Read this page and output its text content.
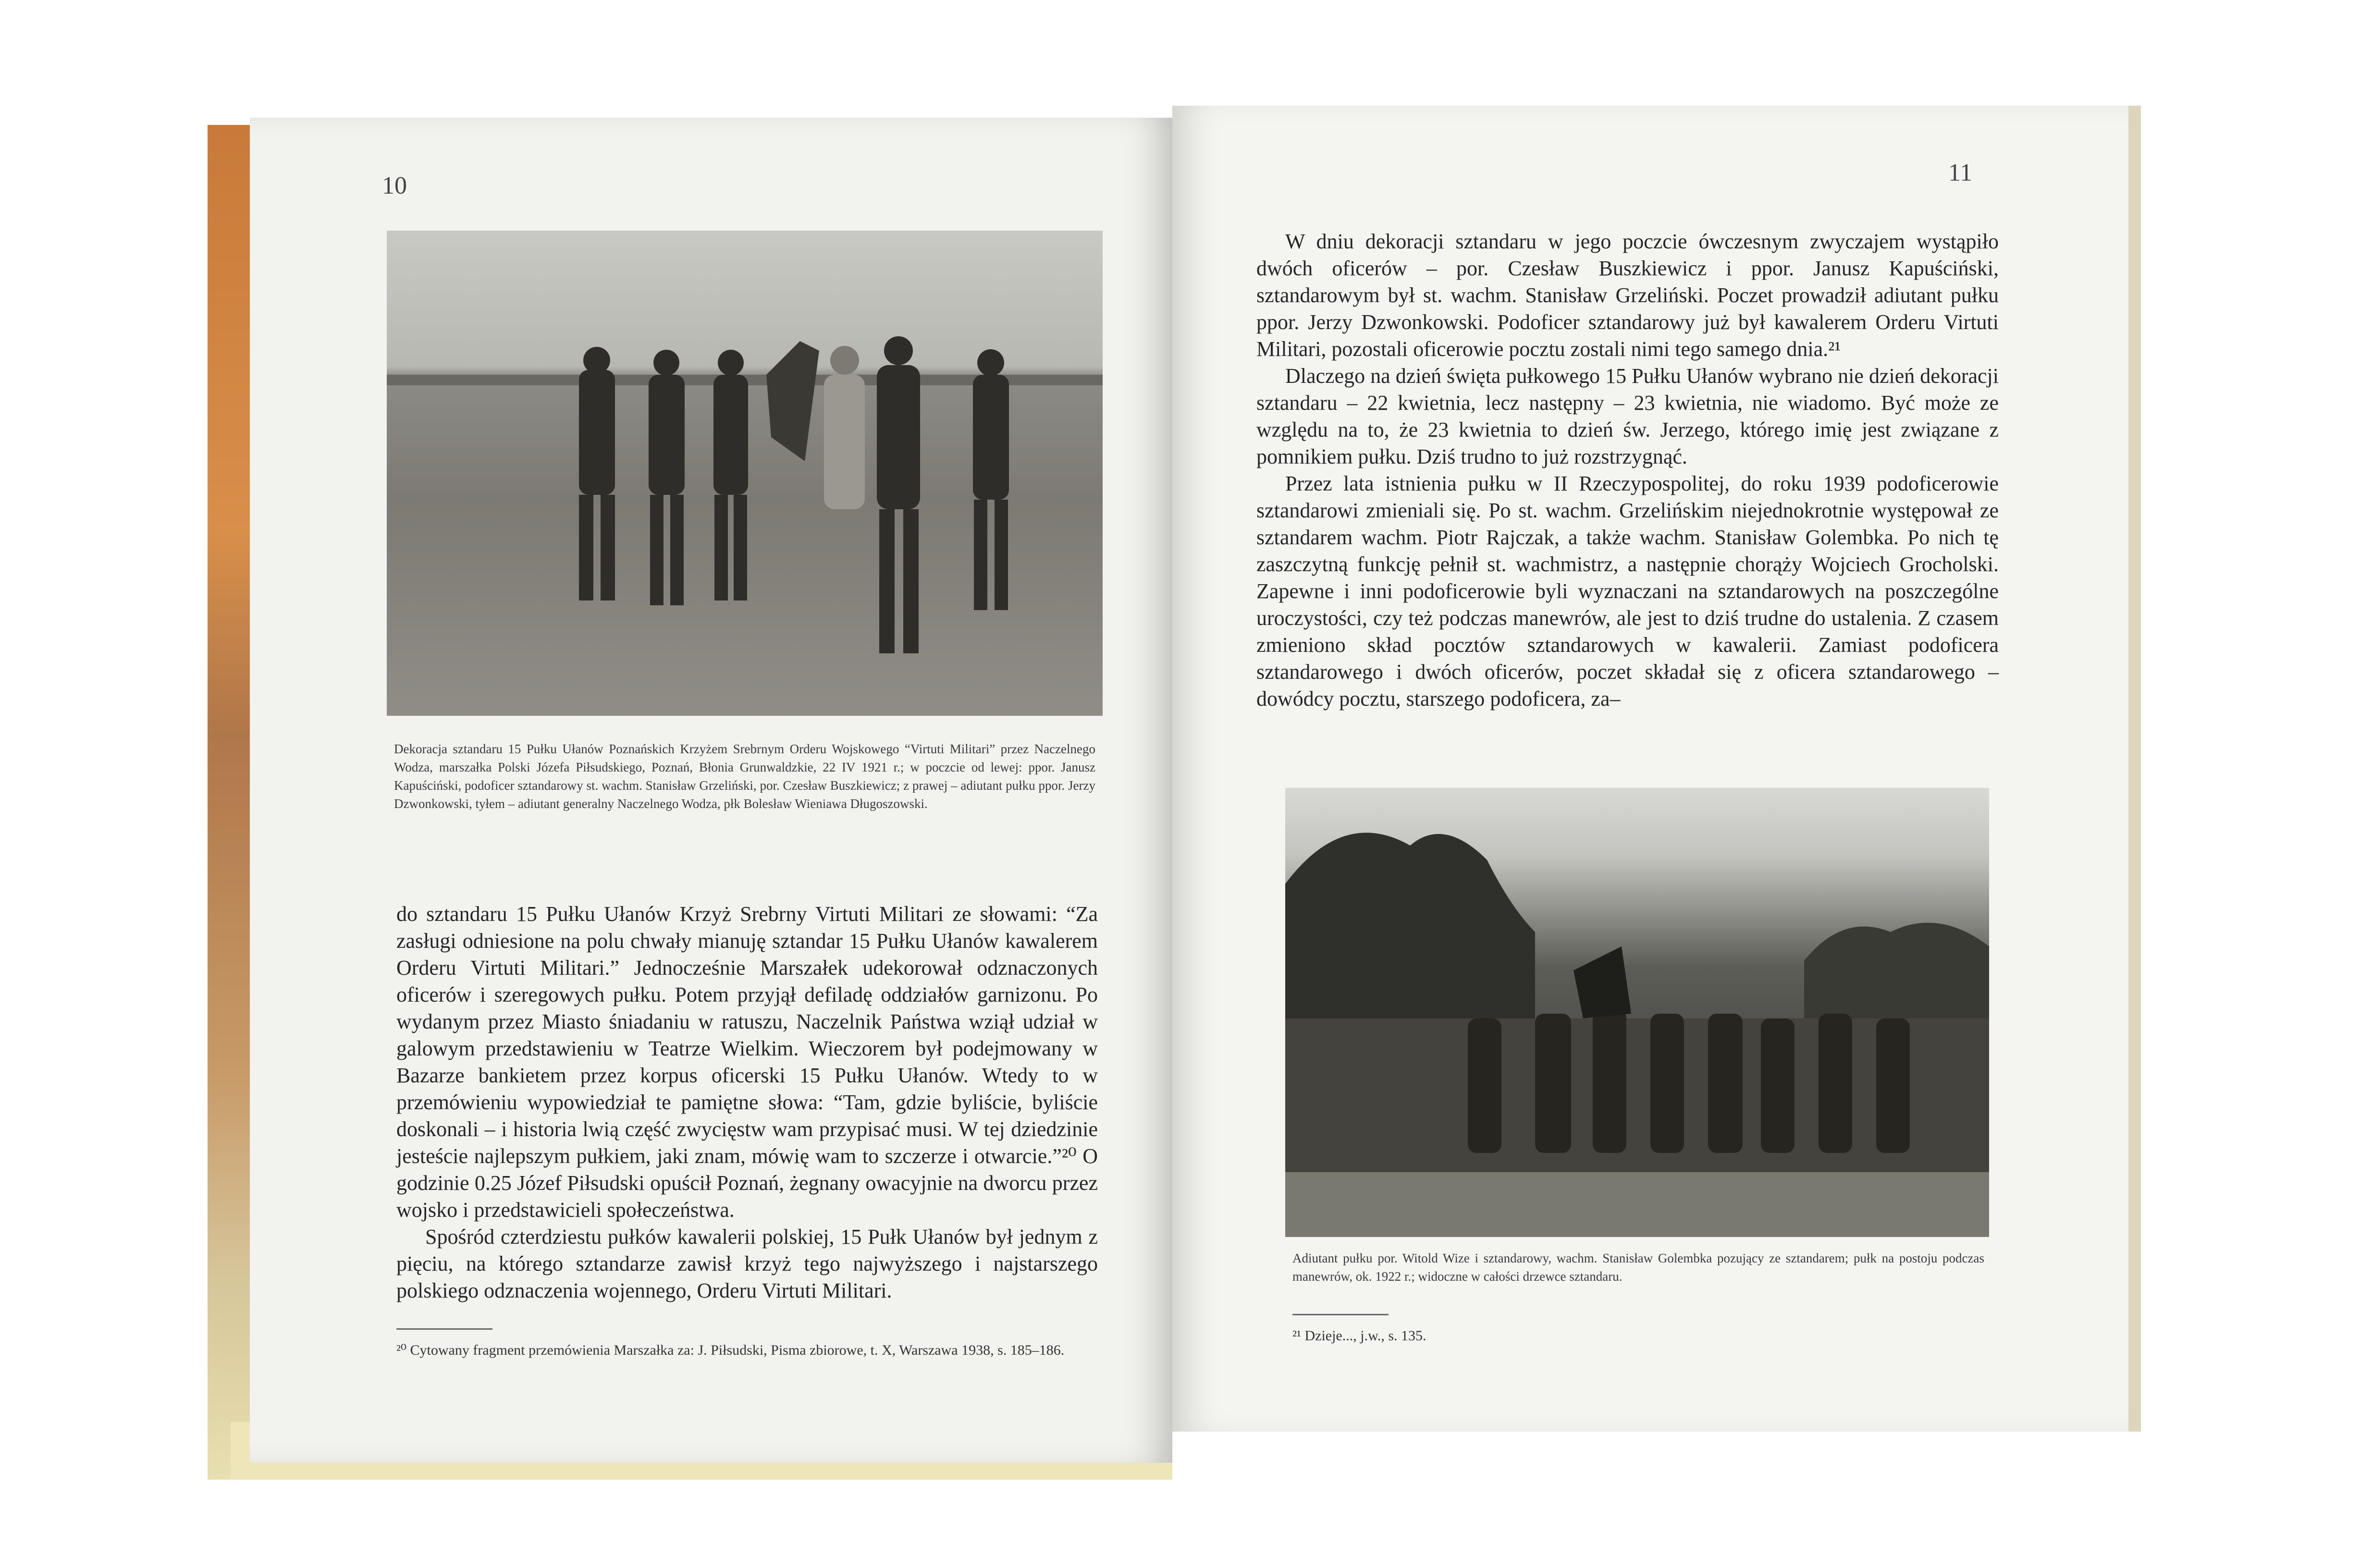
10
Dekoracja sztandaru 15 Pułku Ułanów Poznańskich Krzyżem Srebrnym Orderu Wojskowego “Virtuti Militari” przez Naczelnego Wodza, marszałka Polski Józefa Piłsudskiego, Poznań, Błonia Grunwaldzkie, 22 IV 1921 r.; w poczcie od lewej: ppor. Janusz Kapuściński, podoficer sztandarowy st. wachm. Stanisław Grzeliński, por. Czesław Buszkiewicz; z prawej – adiutant pułku ppor. Jerzy Dzwonkowski, tyłem – adiutant generalny Naczelnego Wodza, płk Bolesław Wieniawa Długoszowski.

do sztandaru 15 Pułku Ułanów Krzyż Srebrny Virtuti Militari ze słowami: “Za zasługi odniesione na polu chwały mianuję sztandar 15 Pułku Ułanów kawalerem Orderu Virtuti Militari.” Jednocześnie Marszałek udekorował odznaczonych oficerów i szeregowych pułku. Potem przyjął defiladę oddziałów garnizonu. Po wydanym przez Miasto śniadaniu w ratuszu, Naczelnik Państwa wziął udział w galowym przedstawieniu w Teatrze Wielkim. Wieczorem był podejmowany w Bazarze bankietem przez korpus oficerski 15 Pułku Ułanów. Wtedy to w przemówieniu wypowiedział te pamiętne słowa: “Tam, gdzie byliście, byliście doskonali – i historia lwią część zwycięstw wam przypisać musi. W tej dziedzinie jesteście najlepszym pułkiem, jaki znam, mówię wam to szczerze i otwarcie.”²⁰ O godzinie 0.25 Józef Piłsudski opuścił Poznań, żegnany owacyjnie na dworcu przez wojsko i przedstawicieli społeczeństwa.

Spośród czterdziestu pułków kawalerii polskiej, 15 Pułk Ułanów był jednym z pięciu, na którego sztandarze zawisł krzyż tego najwyższego i najstarszego polskiego odznaczenia wojennego, Orderu Virtuti Militari.

²⁰ Cytowany fragment przemówienia Marszałka za: J. Piłsudski, Pisma zbiorowe, t. X, Warszawa 1938, s. 185–186.
11

W dniu dekoracji sztandaru w jego poczcie ówczesnym zwyczajem wystąpiło dwóch oficerów – por. Czesław Buszkiewicz i ppor. Janusz Kapuściński, sztandarowym był st. wachm. Stanisław Grzeliński. Poczet prowadził adiutant pułku ppor. Jerzy Dzwonkowski. Podoficer sztandarowy już był kawalerem Orderu Virtuti Militari, pozostali oficerowie pocztu zostali nimi tego samego dnia.²¹

Dlaczego na dzień święta pułkowego 15 Pułku Ułanów wybrano nie dzień dekoracji sztandaru – 22 kwietnia, lecz następny – 23 kwietnia, nie wiadomo. Być może ze względu na to, że 23 kwietnia to dzień św. Jerzego, którego imię jest związane z pomnikiem pułku. Dziś trudno to już rozstrzygnąć.

Przez lata istnienia pułku w II Rzeczypospolitej, do roku 1939 podoficerowie sztandarowi zmieniali się. Po st. wachm. Grzelińskim niejednokrotnie występował ze sztandarem wachm. Piotr Rajczak, a także wachm. Stanisław Golembka. Po nich tę zaszczytną funkcję pełnił st. wachmistrz, a następnie chorąży Wojciech Grocholski. Zapewne i inni podoficerowie byli wyznaczani na sztandarowych na poszczególne uroczystości, czy też podczas manewrów, ale jest to dziś trudne do ustalenia. Z czasem zmieniono skład pocztów sztandarowych w kawalerii. Zamiast podoficera sztandarowego i dwóch oficerów, poczet składał się z oficera sztandarowego – dowódcy pocztu, starszego podoficera, za–

Adiutant pułku por. Witold Wize i sztandarowy, wachm. Stanisław Golembka pozujący ze sztandarem; pułk na postoju podczas manewrów, ok. 1922 r.; widoczne w całości drzewce sztandaru.
²¹ Dzieje..., j.w., s. 135.
